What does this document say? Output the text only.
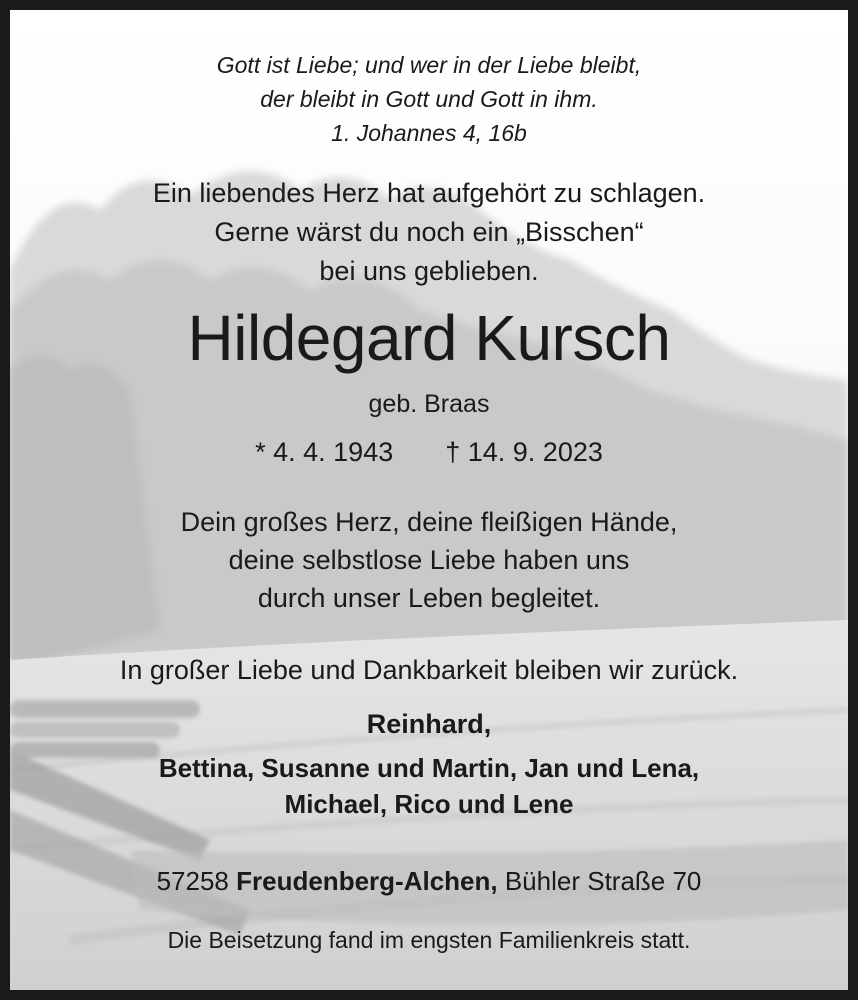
Gott ist Liebe; und wer in der Liebe bleibt,
der bleibt in Gott und Gott in ihm.
1. Johannes 4, 16b
Ein liebendes Herz hat aufgehört zu schlagen.
Gerne wärst du noch ein „Bisschen“
bei uns geblieben.
Hildegard Kursch
geb. Braas
* 4. 4. 1943 † 14. 9. 2023
Dein großes Herz, deine fleißigen Hände,
deine selbstlose Liebe haben uns
durch unser Leben begleitet.
In großer Liebe und Dankbarkeit bleiben wir zurück.
Reinhard,
Bettina, Susanne und Martin, Jan und Lena,
Michael, Rico und Lene
57258 Freudenberg-Alchen, Bühler Straße 70
Die Beisetzung fand im engsten Familienkreis statt.
